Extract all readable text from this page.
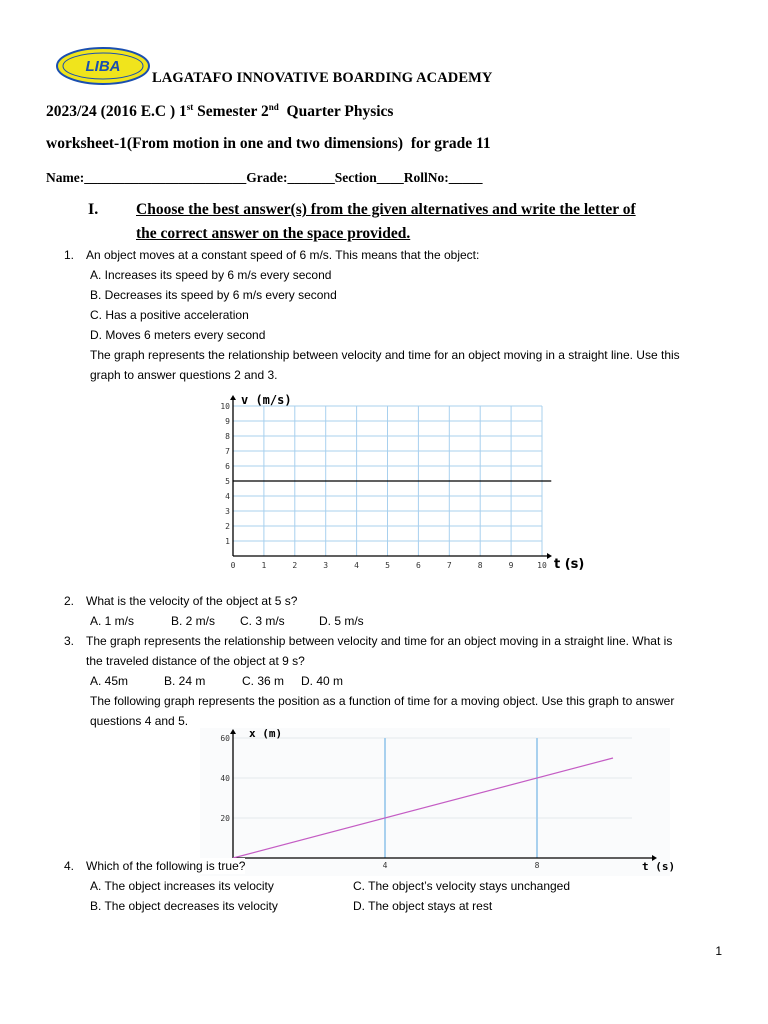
LIBA
LAGATAFO INNOVATIVE BOARDING ACADEMY
2023/24 (2016 E.C ) 1st Semester 2nd  Quarter Physics
worksheet-1(From motion in one and two dimensions)  for grade 11
Name:________________________Grade:_______Section____RollNo:_____
I. Choose the best answer(s) from the given alternatives and write the letter of
the correct answer on the space provided.
1. An object moves at a constant speed of 6 m/s. This means that the object:
A. Increases its speed by 6 m/s every second
B. Decreases its speed by 6 m/s every second
C. Has a positive acceleration
D. Moves 6 meters every second
The graph represents the relationship between velocity and time for an object moving in a straight line. Use this
graph to answer questions 2 and 3.
0	1	2	3	4	5	6	7	8	9	10
1
2
3
4
5
6
7
8
9
10 v (m/s)
t (s)
2. What is the velocity of the object at 5 s?
A. 1 m/s	B. 2 m/s C. 3 m/s	D. 5 m/s
3. The graph represents the relationship between velocity and time for an object moving in a straight line. What is
the traveled distance of the object at 9 s?
A. 45m	B. 24 m	C. 36 m D. 40 m
The following graph represents the position as a function of time for a moving object. Use this graph to answer
questions 4 and 5.
20
40
60
4	8
x (m)
t (s)
4. Which of the following is true?
A. The object increases its velocity	C. The object’s velocity stays unchanged
B. The object decreases its velocity	D. The object stays at rest
1
